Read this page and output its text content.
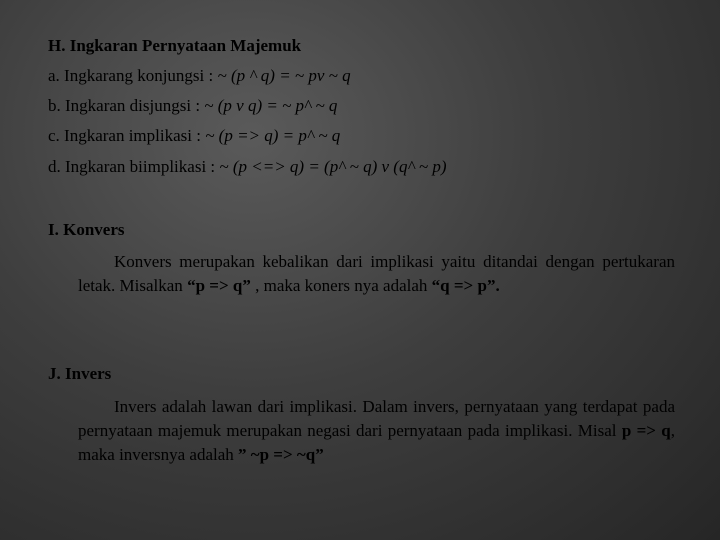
H. Ingkaran Pernyataan Majemuk
a. Ingkarang konjungsi : ~ (p ^ q) = ~ pv ~ q
b. Ingkaran disjungsi : ~ (p v q) = ~ p^ ~ q
c. Ingkaran implikasi : ~ (p => q) = p^ ~ q
d. Ingkaran biimplikasi : ~ (p <=> q) = (p^ ~ q) v (q^ ~ p)
I. Konvers
Konvers merupakan kebalikan dari implikasi yaitu ditandai dengan pertukaran letak. Misalkan “p => q” , maka koners nya adalah “q => p”.
J. Invers
Invers adalah lawan dari implikasi. Dalam invers, pernyataan yang terdapat pada pernyataan majemuk merupakan negasi dari pernyataan pada implikasi. Misal p => q, maka inversnya adalah ” ~p => ~q”
